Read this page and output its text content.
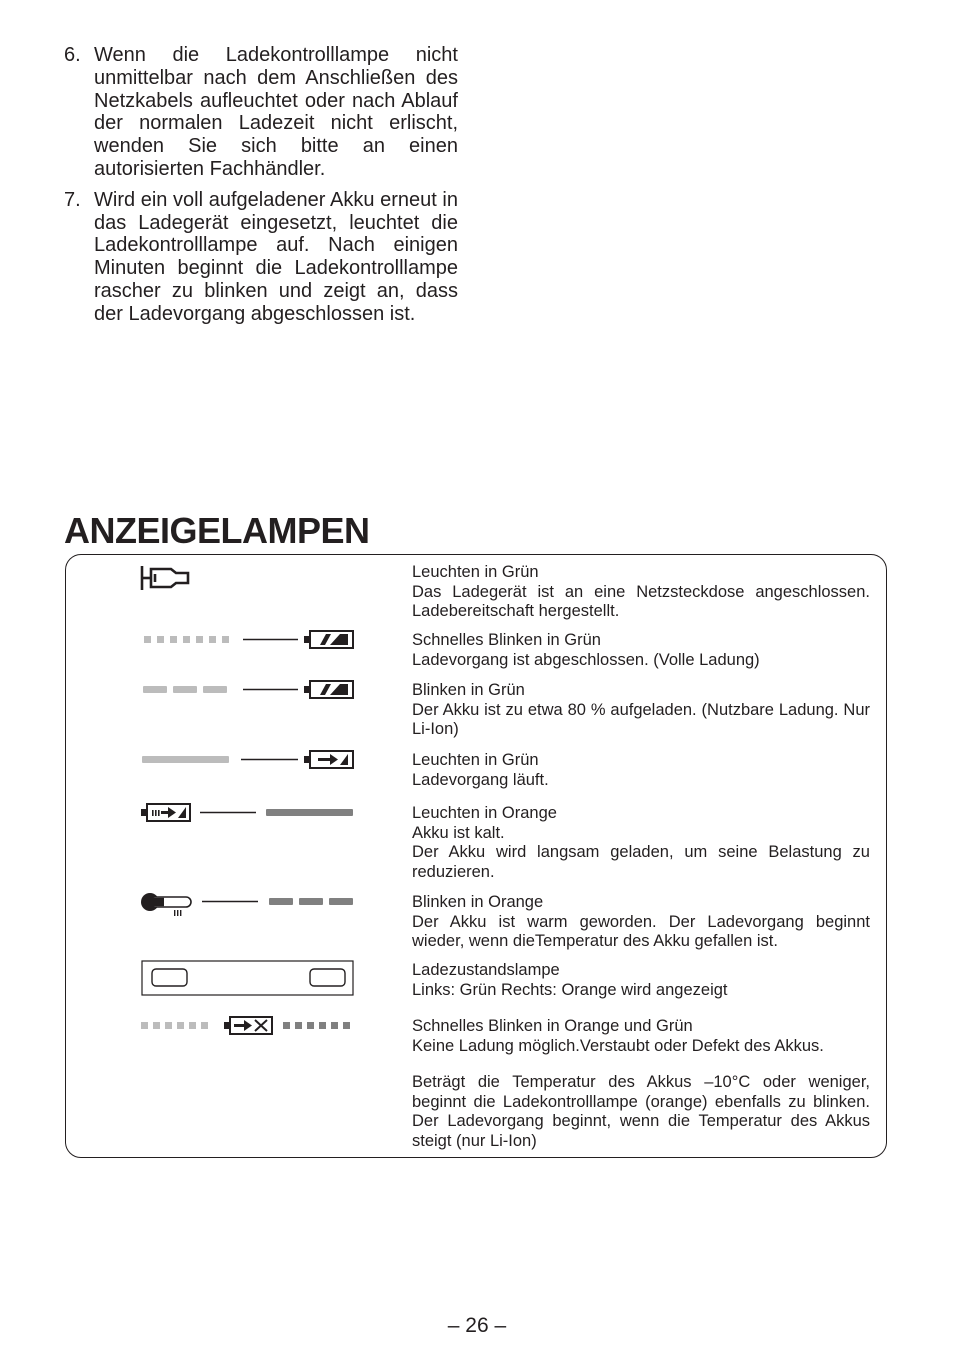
6. Wenn die Ladekontrolllampe nicht unmittelbar nach dem Anschließen des Netzkabels aufleuchtet oder nach Ablauf der normalen Ladezeit nicht erlischt, wenden Sie sich bitte an einen autorisierten Fachhändler.
7. Wird ein voll aufgeladener Akku erneut in das Ladegerät eingesetzt, leuchtet die Ladekontrolllampe auf. Nach einigen Minuten beginnt die Ladekontrolllampe rascher zu blinken und zeigt an, dass der Ladevorgang abgeschlossen ist.
ANZEIGELAMPEN
Leuchten in Grün
Das Ladegerät ist an eine Netzsteckdose angeschlossen. Ladebereitschaft hergestellt.
Schnelles Blinken in Grün
Ladevorgang ist abgeschlossen. (Volle Ladung)
Blinken in Grün
Der Akku ist zu etwa 80 % aufgeladen. (Nutzbare Ladung. Nur Li-Ion)
Leuchten in Grün
Ladevorgang läuft.
Leuchten in Orange
Akku ist kalt.
Der Akku wird langsam geladen, um seine Belastung zu reduzieren.
Blinken in Orange
Der Akku ist warm geworden. Der Ladevorgang beginnt wieder, wenn dieTemperatur des Akku gefallen ist.
Ladezustandslampe
Links: Grün Rechts: Orange wird angezeigt
Schnelles Blinken in Orange und Grün
Keine Ladung möglich.Verstaubt oder Defekt des Akkus.
Beträgt die Temperatur des Akkus –10°C oder weniger, beginnt die Ladekontrolllampe (orange) ebenfalls zu blinken. Der Ladevorgang beginnt, wenn die Temperatur des Akkus steigt (nur Li-Ion)
– 26 –
